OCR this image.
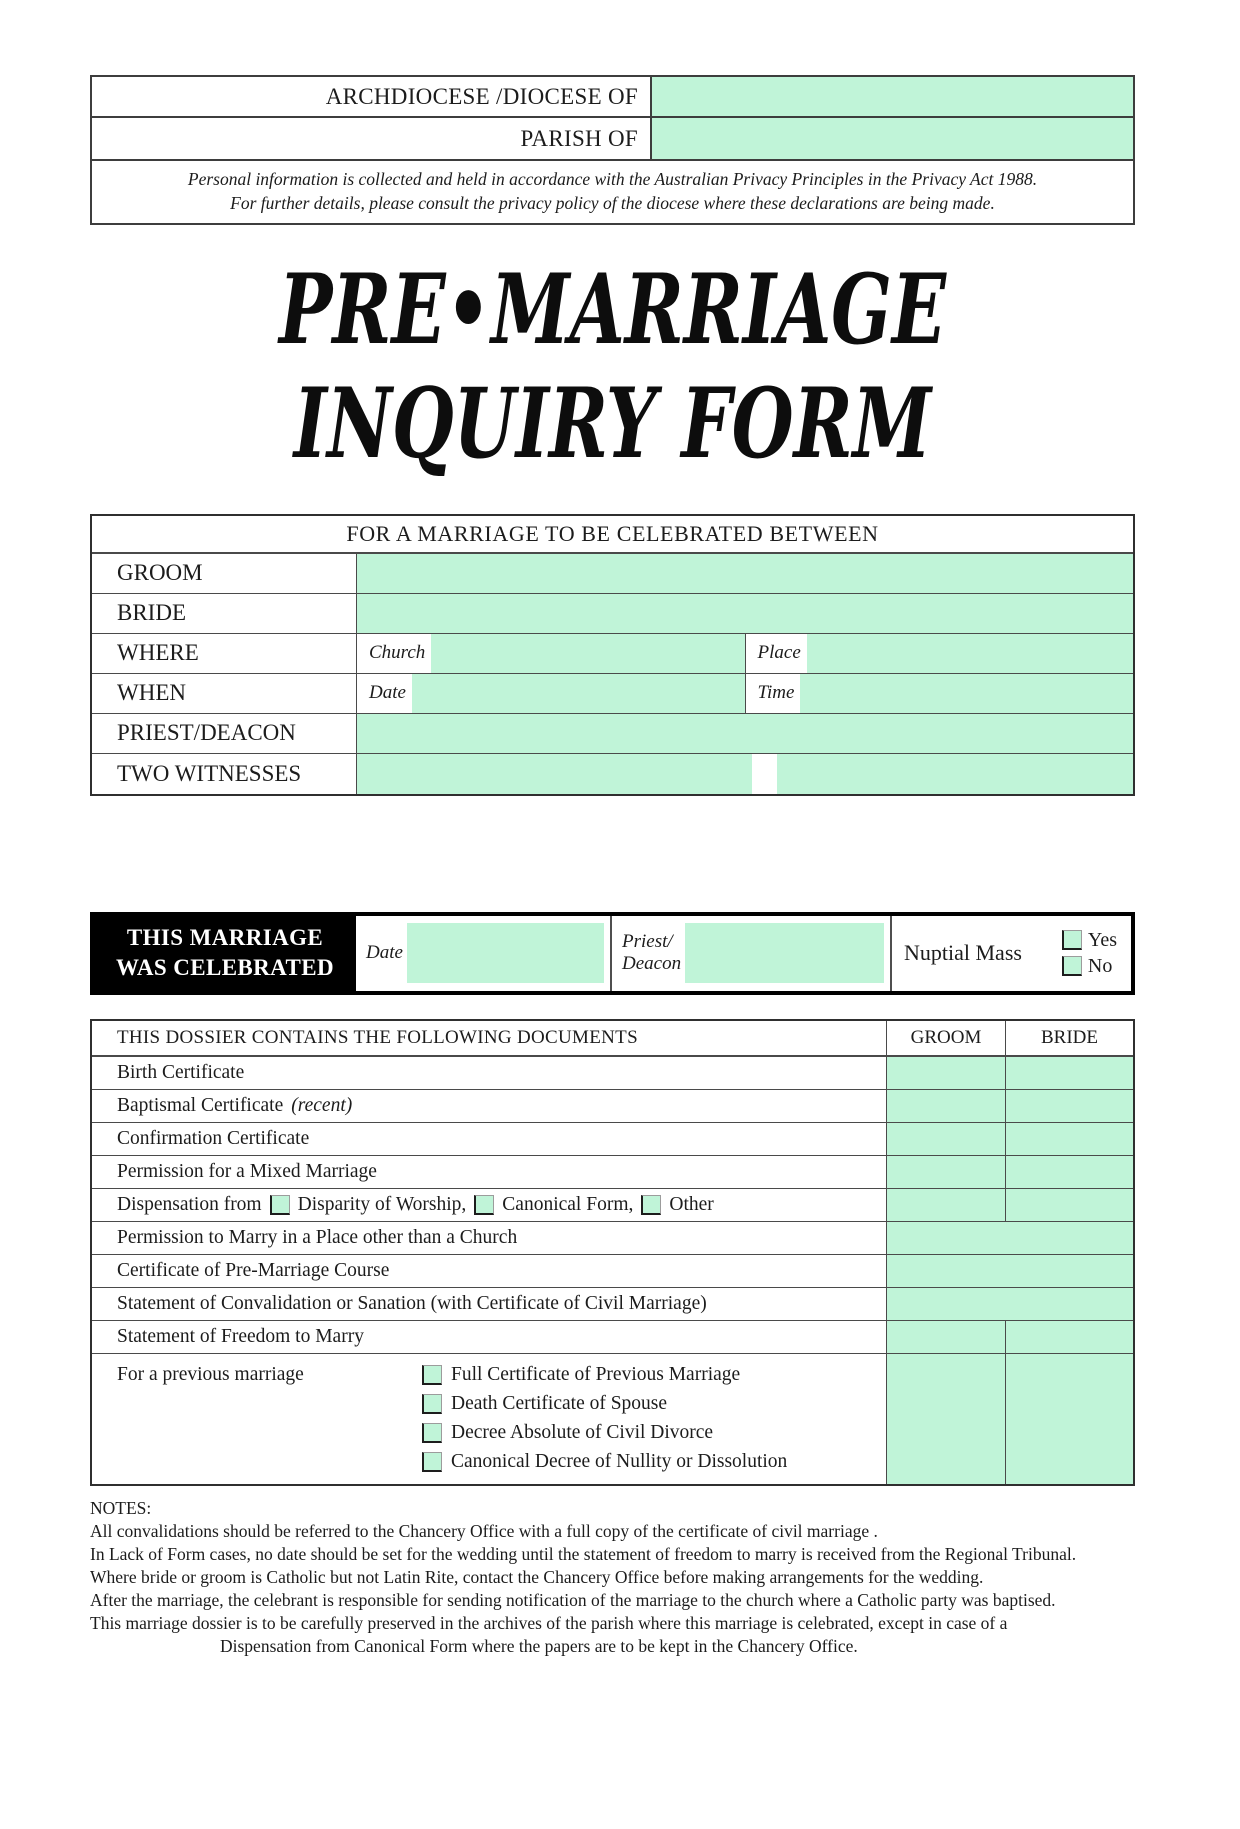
ARCHDIOCESE /DIOCESE OF
PARISH OF
Personal information is collected and held in accordance with the Australian Privacy Principles in the Privacy Act 1988.
For further details, please consult the privacy policy of the diocese where these declarations are being made.
PRE•MARRIAGE
INQUIRY FORM
FOR A MARRIAGE TO BE CELEBRATED BETWEEN
GROOM
BRIDE
WHERE	Church	Place
WHEN	Date	Time
PRIEST/DEACON
TWO WITNESSES
THIS MARRIAGE
WAS CELEBRATED
Date
Priest/
Deacon	Nuptial Mass
Yes
No
THIS DOSSIER CONTAINS THE FOLLOWING DOCUMENTS	GROOM	BRIDE
Birth Certificate
Baptismal Certificate (recent)
Confirmation Certificate
Permission for a Mixed Marriage
Dispensation from Disparity of Worship, Canonical Form, Other
Permission to Marry in a Place other than a Church
Certificate of Pre-Marriage Course
Statement of Convalidation or Sanation (with Certificate of Civil Marriage)
Statement of Freedom to Marry
For a previous marriage	Full Certificate of Previous Marriage
Death Certificate of Spouse
Decree Absolute of Civil Divorce
Canonical Decree of Nullity or Dissolution
NOTES:
All convalidations should be referred to the Chancery Office with a full copy of the certificate of civil marriage .
In Lack of Form cases, no date should be set for the wedding until the statement of freedom to marry is received from the Regional Tribunal.
Where bride or groom is Catholic but not Latin Rite, contact the Chancery Office before making arrangements for the wedding.
After the marriage, the celebrant is responsible for sending notification of the marriage to the church where a Catholic party was baptised.
This marriage dossier is to be carefully preserved in the archives of the parish where this marriage is celebrated, except in case of a
Dispensation from Canonical Form where the papers are to be kept in the Chancery Office.
